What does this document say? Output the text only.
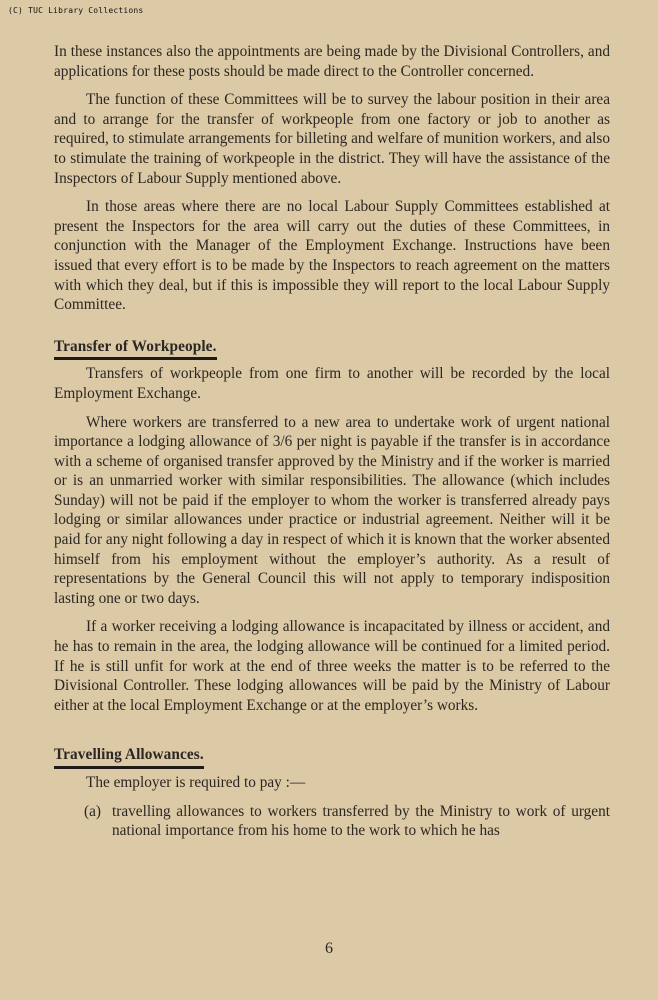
(C) TUC Library Collections

In these instances also the appointments are being made by the Divisional Controllers, and applications for these posts should be made direct to the Controller concerned.

The function of these Committees will be to survey the labour position in their area and to arrange for the transfer of workpeople from one factory or job to another as required, to stimulate arrangements for billeting and welfare of munition workers, and also to stimulate the training of workpeople in the district. They will have the assistance of the Inspectors of Labour Supply mentioned above.

In those areas where there are no local Labour Supply Committees established at present the Inspectors for the area will carry out the duties of these Committees, in conjunction with the Manager of the Employment Exchange. Instructions have been issued that every effort is to be made by the Inspectors to reach agreement on the matters with which they deal, but if this is impossible they will report to the local Labour Supply Committee.

Transfer of Workpeople.

Transfers of workpeople from one firm to another will be recorded by the local Employment Exchange.

Where workers are transferred to a new area to undertake work of urgent national importance a lodging allowance of 3/6 per night is payable if the transfer is in accordance with a scheme of organised transfer approved by the Ministry and if the worker is married or is an unmarried worker with similar responsibilities. The allowance (which includes Sunday) will not be paid if the employer to whom the worker is transferred already pays lodging or similar allowances under practice or industrial agreement. Neither will it be paid for any night following a day in respect of which it is known that the worker absented himself from his employment without the employer’s authority. As a result of representations by the General Council this will not apply to temporary indisposition lasting one or two days.

If a worker receiving a lodging allowance is incapacitated by illness or accident, and he has to remain in the area, the lodging allowance will be continued for a limited period. If he is still unfit for work at the end of three weeks the matter is to be referred to the Divisional Controller. These lodging allowances will be paid by the Ministry of Labour either at the local Employment Exchange or at the employer’s works.

Travelling Allowances.

The employer is required to pay :—

(a) travelling allowances to workers transferred by the Ministry to work of urgent national importance from his home to the work to which he has
6
